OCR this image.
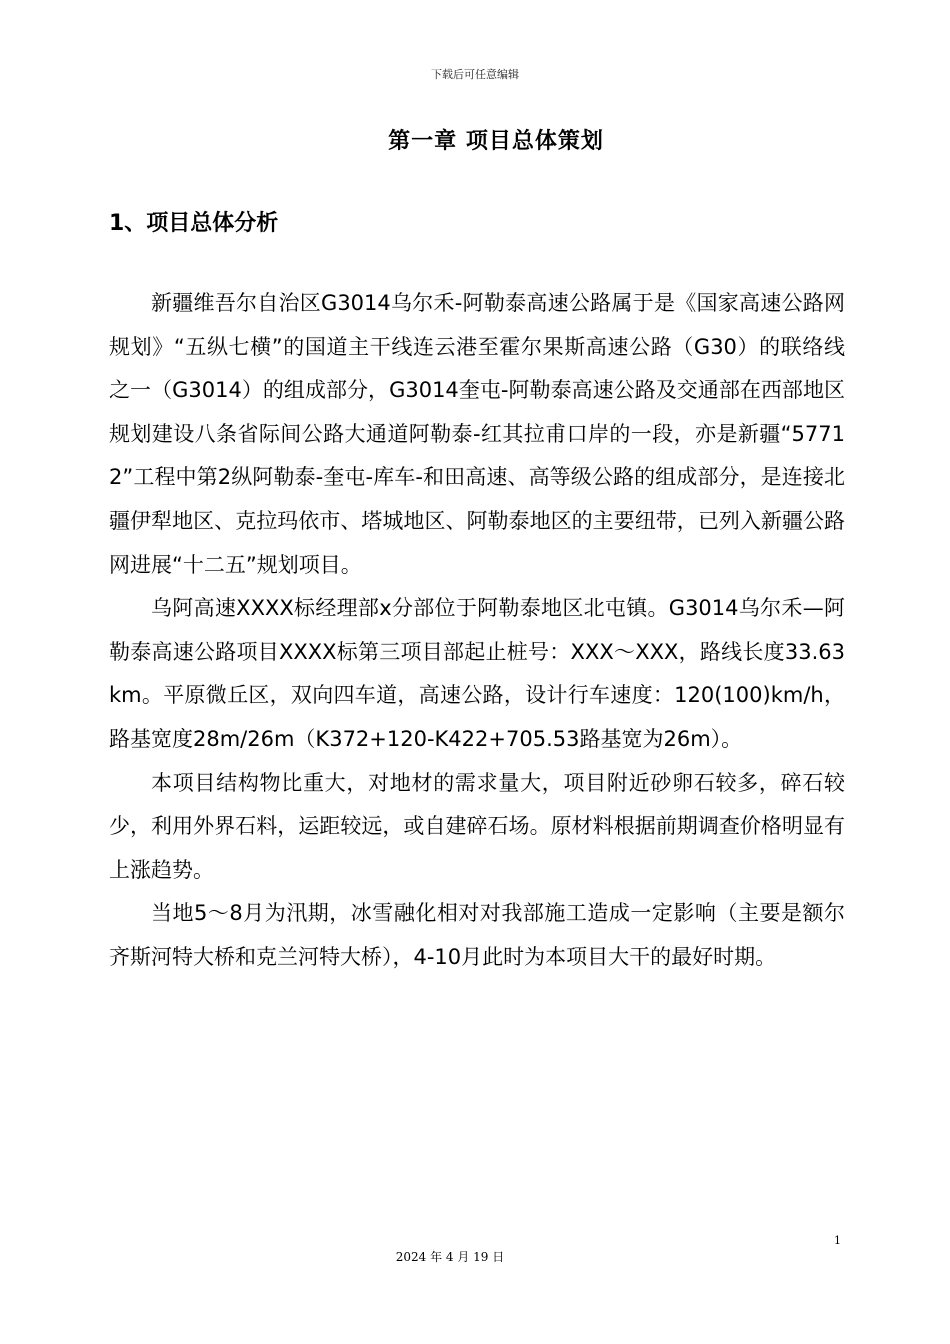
下载后可任意编辑
第一章 项目总体策划
1、项目总体分析

新疆维吾尔自治区G3014乌尔禾-阿勒泰高速公路属于是《国家高速公路网规划》“五纵七横”的国道主干线连云港至霍尔果斯高速公路（G30）的联络线之一（G3014）的组成部分，G3014奎屯-阿勒泰高速公路及交通部在西部地区规划建设八条省际间公路大通道阿勒泰-红其拉甫口岸的一段，亦是新疆“57712”工程中第2纵阿勒泰-奎屯-库车-和田高速、高等级公路的组成部分，是连接北疆伊犁地区、克拉玛依市、塔城地区、阿勒泰地区的主要纽带，已列入新疆公路网进展“十二五”规划项目。

乌阿高速XXXX标经理部x分部位于阿勒泰地区北屯镇。G3014乌尔禾—阿勒泰高速公路项目XXXX标第三项目部起止桩号：XXX～XXX，路线长度33.63km。平原微丘区，双向四车道，高速公路，设计行车速度：120(100)km/h，路基宽度28m/26m（K372+120-K422+705.53路基宽为26m）。

本项目结构物比重大，对地材的需求量大，项目附近砂卵石较多，碎石较少，利用外界石料，运距较远，或自建碎石场。原材料根据前期调查价格明显有上涨趋势。

当地5～8月为汛期，冰雪融化相对对我部施工造成一定影响（主要是额尔齐斯河特大桥和克兰河特大桥），4-10月此时为本项目大干的最好时期。

1
2024 年 4 月 19 日
